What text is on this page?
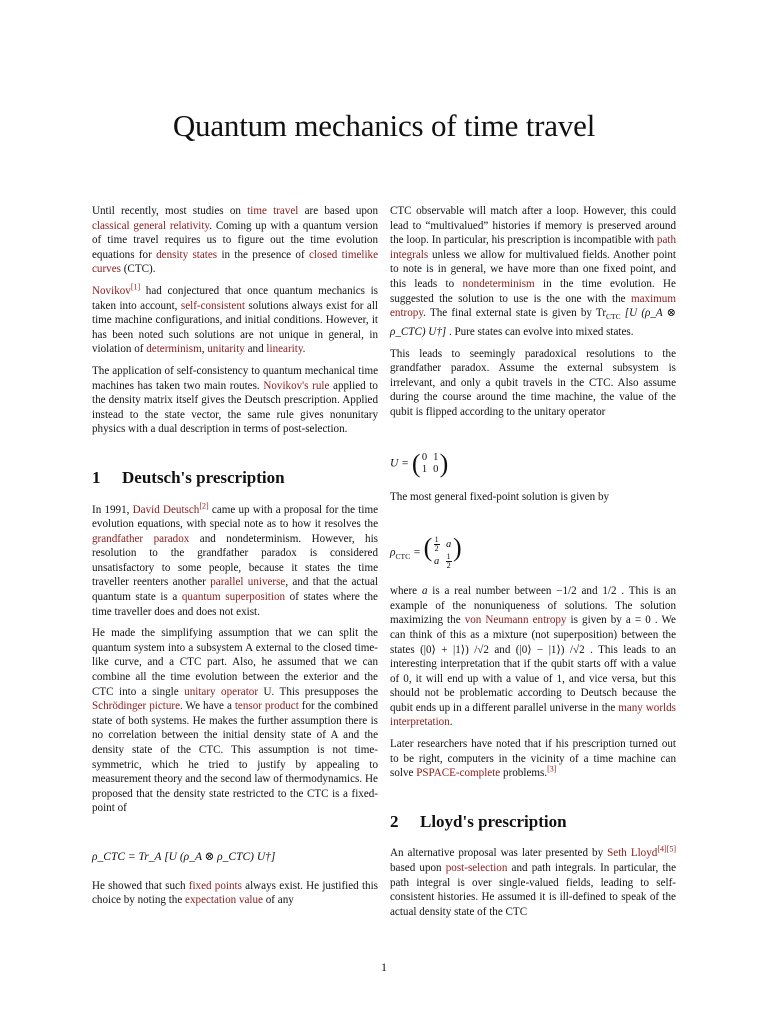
Quantum mechanics of time travel

Until recently, most studies on time travel are based upon classical general relativity. Coming up with a quantum version of time travel requires us to figure out the time evolution equations for density states in the presence of closed timelike curves (CTC).

Novikov[1] had conjectured that once quantum mechanics is taken into account, self-consistent solutions always exist for all time machine configurations, and initial conditions. However, it has been noted such solutions are not unique in general, in violation of determinism, unitarity and linearity.

The application of self-consistency to quantum mechanical time machines has taken two main routes. Novikov's rule applied to the density matrix itself gives the Deutsch prescription. Applied instead to the state vector, the same rule gives nonunitary physics with a dual description in terms of post-selection.

1 Deutsch's prescription

In 1991, David Deutsch[2] came up with a proposal for the time evolution equations, with special note as to how it resolves the grandfather paradox and nondeterminism. However, his resolution to the grandfather paradox is considered unsatisfactory to some people, because it states the time traveller reenters another parallel universe, and that the actual quantum state is a quantum superposition of states where the time traveller does and does not exist.

He made the simplifying assumption that we can split the quantum system into a subsystem A external to the closed time-like curve, and a CTC part. Also, he assumed that we can combine all the time evolution between the exterior and the CTC into a single unitary operator U. This presupposes the Schrödinger picture. We have a tensor product for the combined state of both systems. He makes the further assumption there is no correlation between the initial density state of A and the density state of the CTC. This assumption is not time-symmetric, which he tried to justify by appealing to measurement theory and the second law of thermodynamics. He proposed that the density state restricted to the CTC is a fixed-point of

ρ_CTC = Tr_A [U (ρ_A ⊗ ρ_CTC) U†]

He showed that such fixed points always exist. He justified this choice by noting the expectation value of any

CTC observable will match after a loop. However, this could lead to “multivalued” histories if memory is preserved around the loop. In particular, his prescription is incompatible with path integrals unless we allow for multivalued fields. Another point to note is in general, we have more than one fixed point, and this leads to nondeterminism in the time evolution. He suggested the solution to use is the one with the maximum entropy. The final external state is given by $Tr_{CTC}$ [U (ρ_A ⊗ ρ_CTC) U†] . Pure states can evolve into mixed states.

This leads to seemingly paradoxical resolutions to the grandfather paradox. Assume the external subsystem is irrelevant, and only a qubit travels in the CTC. Also assume during the course around the time machine, the value of the qubit is flipped according to the unitary operator

U = ( 0	1
1	0 )

The most general fixed-point solution is given by

$\rho_{CTC}$ = ( $\frac{1}{2}$	a
a	$\frac{1}{2}$ )

where a is a real number between −1/2 and 1/2 . This is an example of the nonuniqueness of solutions. The solution maximizing the von Neumann entropy is given by a = 0 . We can think of this as a mixture (not superposition) between the states (|0⟩ + |1⟩) /√2 and (|0⟩ − |1⟩) /√2 . This leads to an interesting interpretation that if the qubit starts off with a value of 0, it will end up with a value of 1, and vice versa, but this should not be problematic according to Deutsch because the qubit ends up in a different parallel universe in the many worlds interpretation.

Later researchers have noted that if his prescription turned out to be right, computers in the vicinity of a time machine can solve PSPACE-complete problems.[3]

2 Lloyd's prescription

An alternative proposal was later presented by Seth Lloyd[4][5] based upon post-selection and path integrals. In particular, the path integral is over single-valued fields, leading to self-consistent histories. He assumed it is ill-defined to speak of the actual density state of the CTC

1
